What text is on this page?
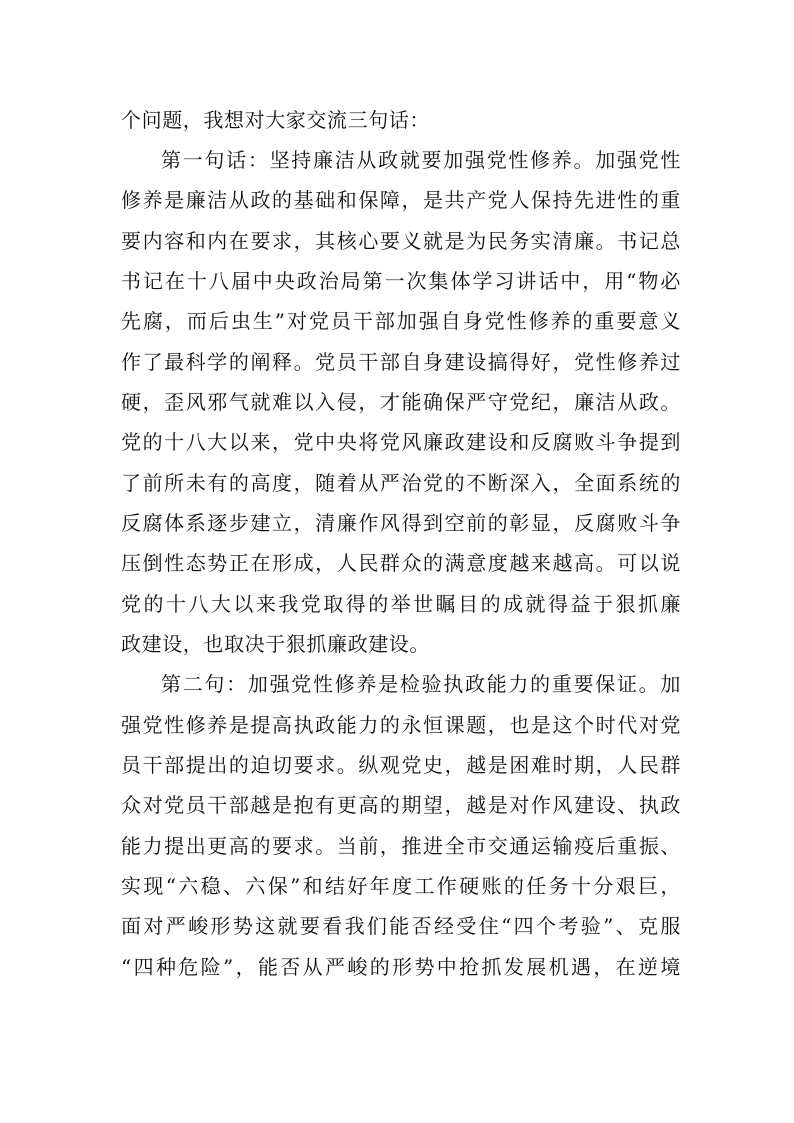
个问题，我想对大家交流三句话：
第一句话：坚持廉洁从政就要加强党性修养。加强党性
修养是廉洁从政的基础和保障，是共产党人保持先进性的重
要内容和内在要求，其核心要义就是为民务实清廉。书记总
书记在十八届中央政治局第一次集体学习讲话中，用“物必
先腐，而后虫生”对党员干部加强自身党性修养的重要意义
作了最科学的阐释。党员干部自身建设搞得好，党性修养过
硬，歪风邪气就难以入侵，才能确保严守党纪，廉洁从政。
党的十八大以来，党中央将党风廉政建设和反腐败斗争提到
了前所未有的高度，随着从严治党的不断深入，全面系统的
反腐体系逐步建立，清廉作风得到空前的彰显，反腐败斗争
压倒性态势正在形成，人民群众的满意度越来越高。可以说
党的十八大以来我党取得的举世瞩目的成就得益于狠抓廉
政建设，也取决于狠抓廉政建设。
第二句：加强党性修养是检验执政能力的重要保证。加
强党性修养是提高执政能力的永恒课题，也是这个时代对党
员干部提出的迫切要求。纵观党史，越是困难时期，人民群
众对党员干部越是抱有更高的期望，越是对作风建设、执政
能力提出更高的要求。当前，推进全市交通运输疫后重振、
实现“六稳、六保”和结好年度工作硬账的任务十分艰巨，
面对严峻形势这就要看我们能否经受住“四个考验”、克服
“四种危险”，能否从严峻的形势中抢抓发展机遇，在逆境
